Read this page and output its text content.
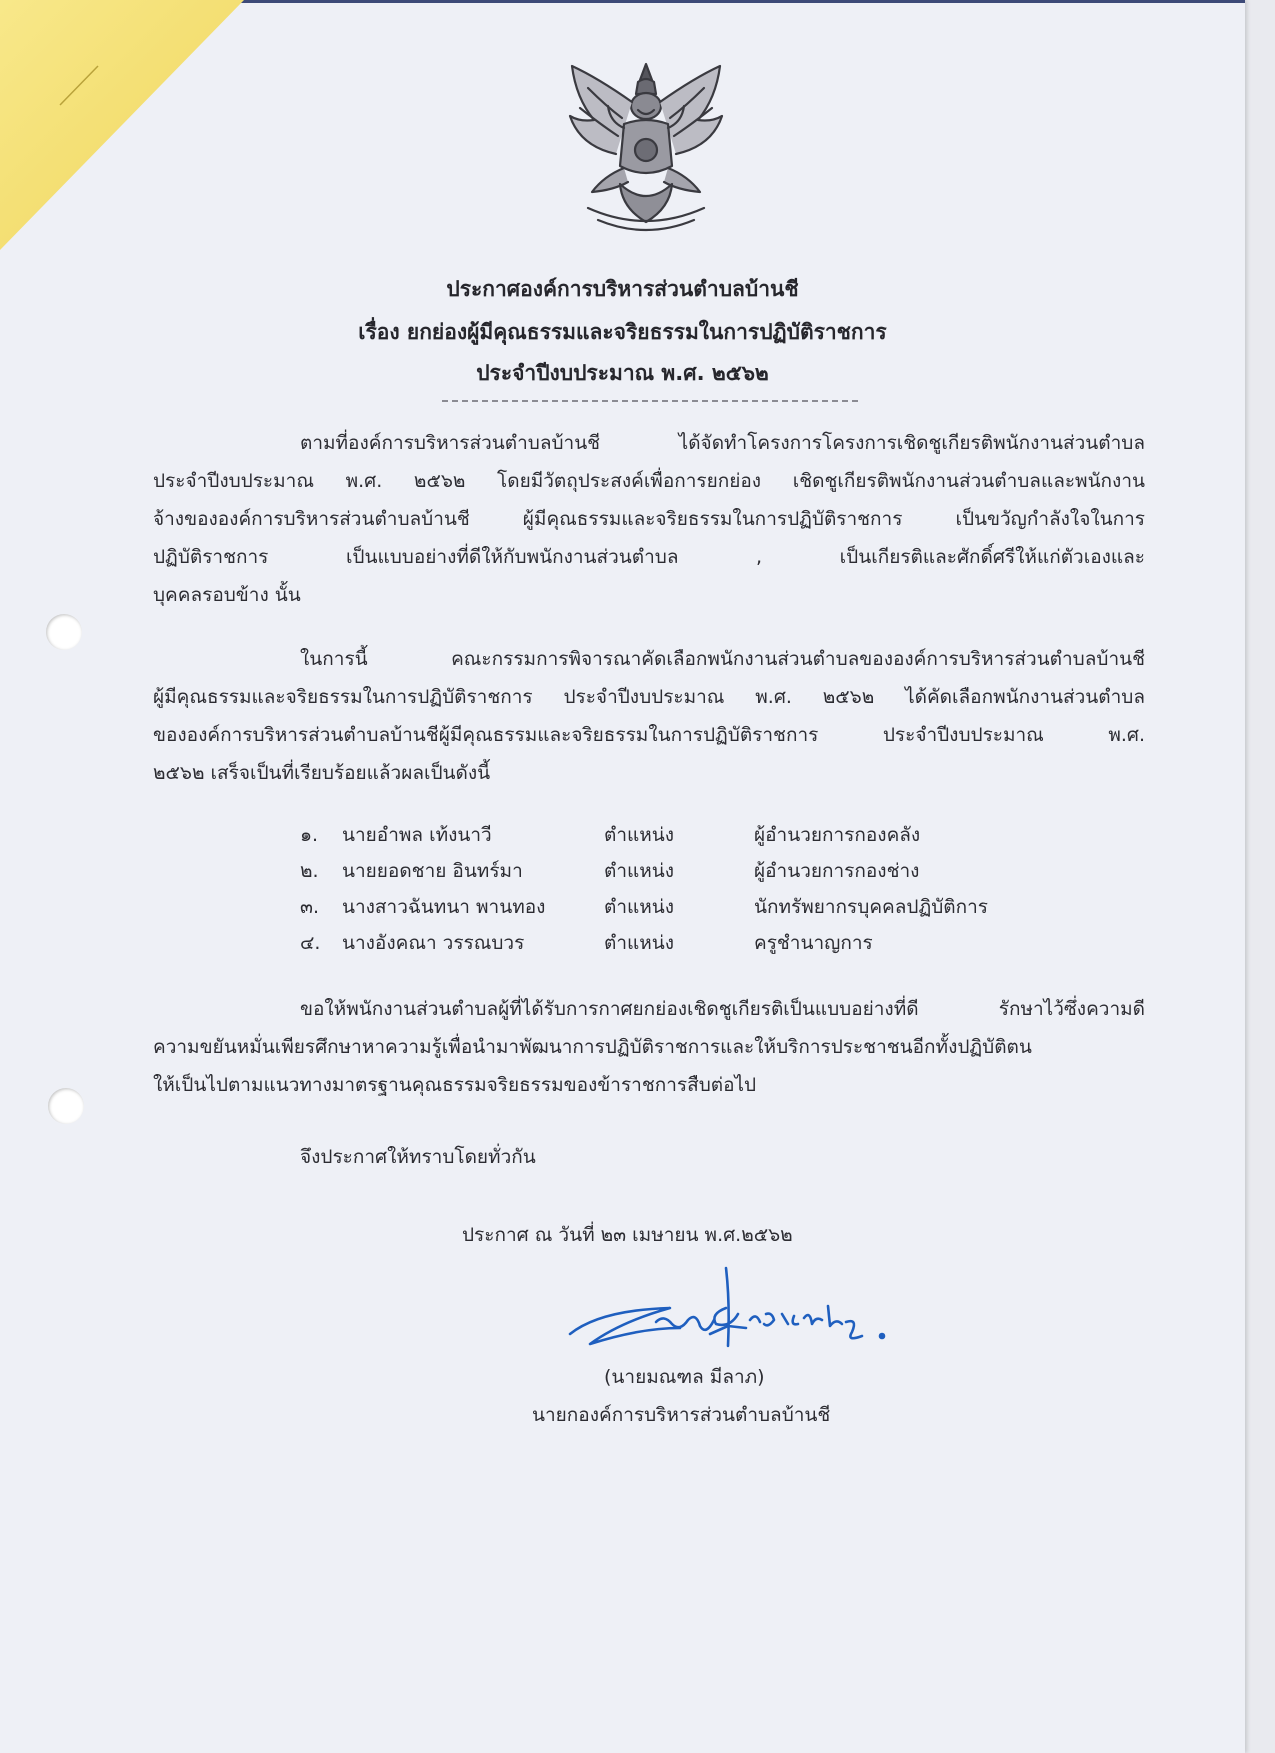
ประกาศองค์การบริหารส่วนตำบลบ้านชี
เรื่อง ยกย่องผู้มีคุณธรรมและจริยธรรมในการปฏิบัติราชการ
ประจำปีงบประมาณ พ.ศ. ๒๕๖๒
ตามที่องค์การบริหารส่วนตำบลบ้านชี ได้จัดทำโครงการโครงการเชิดชูเกียรติพนักงานส่วนตำบล
ประจำปีงบประมาณ พ.ศ. ๒๕๖๒ โดยมีวัตถุประสงค์เพื่อการยกย่อง เชิดชูเกียรติพนักงานส่วนตำบลและพนักงาน
จ้างขององค์การบริหารส่วนตำบลบ้านชี ผู้มีคุณธรรมและจริยธรรมในการปฏิบัติราชการ เป็นขวัญกำลังใจในการ
ปฏิบัติราชการ เป็นแบบอย่างที่ดีให้กับพนักงานส่วนตำบล , เป็นเกียรติและศักดิ์ศรีให้แก่ตัวเองและ
บุคคลรอบข้าง นั้น
ในการนี้ คณะกรรมการพิจารณาคัดเลือกพนักงานส่วนตำบลขององค์การบริหารส่วนตำบลบ้านชี
ผู้มีคุณธรรมและจริยธรรมในการปฏิบัติราชการ ประจำปีงบประมาณ พ.ศ. ๒๕๖๒ ได้คัดเลือกพนักงานส่วนตำบล
ขององค์การบริหารส่วนตำบลบ้านชีผู้มีคุณธรรมและจริยธรรมในการปฏิบัติราชการ ประจำปีงบประมาณ พ.ศ.
๒๕๖๒ เสร็จเป็นที่เรียบร้อยแล้วผลเป็นดังนี้
๑. นายอำพล เท้งนาวี	ตำแหน่ง	ผู้อำนวยการกองคลัง
๒. นายยอดชาย อินทร์มา	ตำแหน่ง	ผู้อำนวยการกองช่าง
๓. นางสาวฉันทนา พานทอง	ตำแหน่ง	นักทรัพยากรบุคคลปฏิบัติการ
๔. นางอังคณา วรรณบวร	ตำแหน่ง	ครูชำนาญการ
ขอให้พนักงานส่วนตำบลผู้ที่ได้รับการกาศยกย่องเชิดชูเกียรติเป็นแบบอย่างที่ดี รักษาไว้ซึ่งความดี
ความขยันหมั่นเพียรศึกษาหาความรู้เพื่อนำมาพัฒนาการปฏิบัติราชการและให้บริการประชาชนอีกทั้งปฏิบัติตน
ให้เป็นไปตามแนวทางมาตรฐานคุณธรรมจริยธรรมของข้าราชการสืบต่อไป
จึงประกาศให้ทราบโดยทั่วกัน
ประกาศ ณ วันที่ ๒๓ เมษายน พ.ศ.๒๕๖๒
(นายมณฑล มีลาภ)
นายกองค์การบริหารส่วนตำบลบ้านชี
